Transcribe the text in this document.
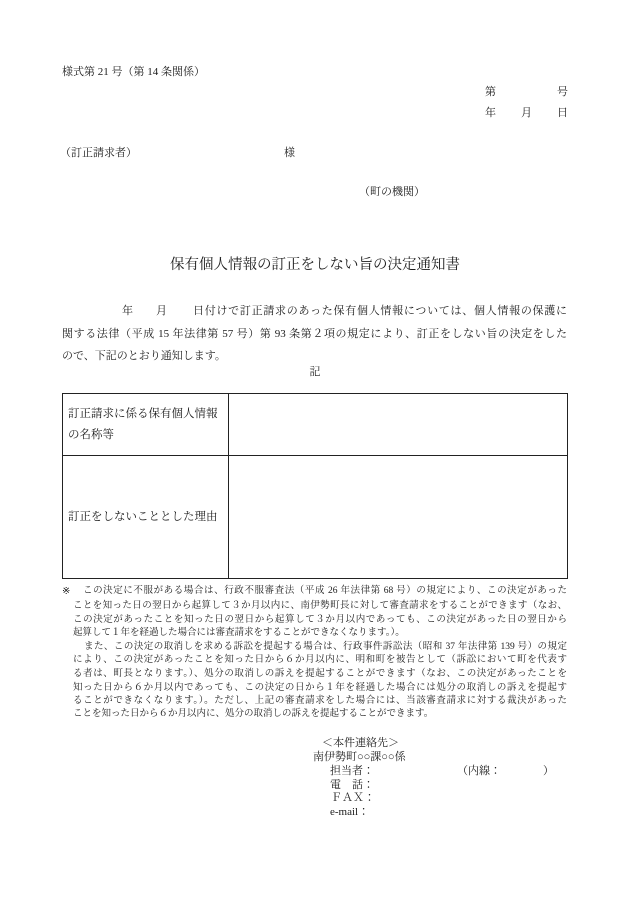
様式第 21 号（第 14 条関係）
第	号
年 月 日
（訂正請求者）	様
（町の機関）
保有個人情報の訂正をしない旨の決定通知書
年 月 日付けで訂正請求のあった保有個人情報については、個人情報の保護に
関する法律（平成 15 年法律第 57 号）第 93 条第２項の規定により、訂正をしない旨の決定をした
ので、下記のとおり通知します。
記
訂正請求に係る保有個人情報
の名称等
訂正をしないこととした理由
※ この決定に不服がある場合は、行政不服審査法（平成 26 年法律第 68 号）の規定により、この決定があった
ことを知った日の翌日から起算して３か月以内に、南伊勢町長に対して審査請求をすることができます（なお、
この決定があったことを知った日の翌日から起算して３か月以内であっても、この決定があった日の翌日から
起算して１年を経過した場合には審査請求をすることができなくなります。）。
また、この決定の取消しを求める訴訟を提起する場合は、行政事件訴訟法（昭和 37 年法律第 139 号）の規定
により、この決定があったことを知った日から６か月以内に、明和町を被告として（訴訟において町を代表す
る者は、町長となります。）、処分の取消しの訴えを提起することができます（なお、この決定があったことを
知った日から６か月以内であっても、この決定の日から１年を経過した場合には処分の取消しの訴えを提起す
ることができなくなります。）。ただし、上記の審査請求をした場合には、当該審査請求に対する裁決があった
ことを知った日から６か月以内に、処分の取消しの訴えを提起することができます。
＜本件連絡先＞
南伊勢町○○課○○係
担当者：	（内線：	）
電　話：
ＦＡＸ：
e-mail：
